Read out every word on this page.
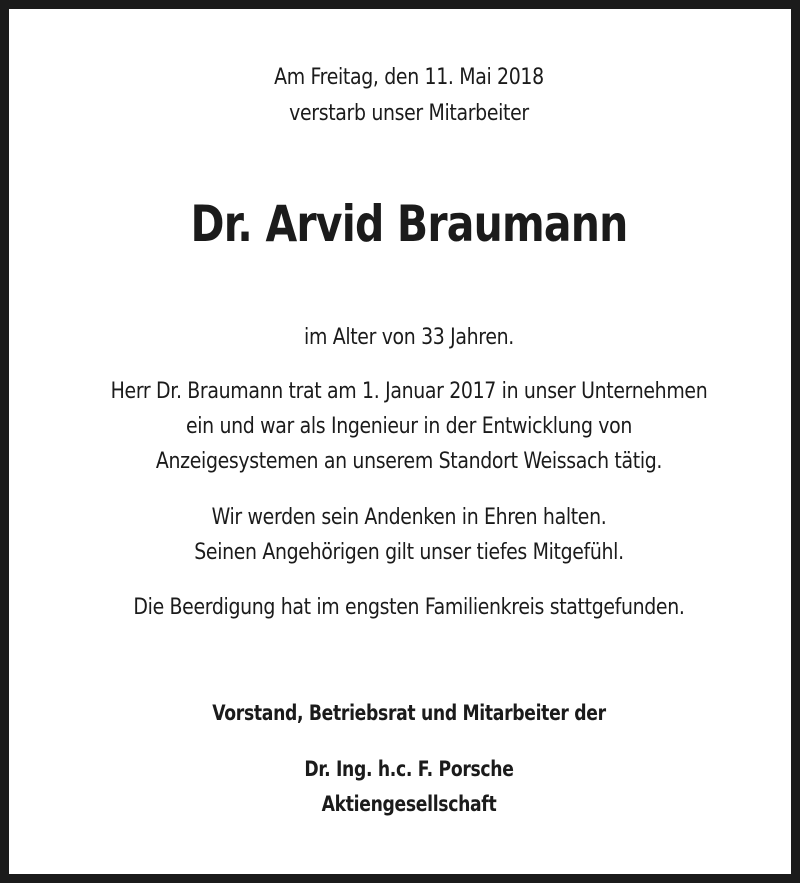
Am Freitag, den 11. Mai 2018
verstarb unser Mitarbeiter
Dr. Arvid Braumann
im Alter von 33 Jahren.
Herr Dr. Braumann trat am 1. Januar 2017 in unser Unternehmen
ein und war als Ingenieur in der Entwicklung von
Anzeigesystemen an unserem Standort Weissach tätig.
Wir werden sein Andenken in Ehren halten.
Seinen Angehörigen gilt unser tiefes Mitgefühl.
Die Beerdigung hat im engsten Familienkreis stattgefunden.
Vorstand, Betriebsrat und Mitarbeiter der
Dr. Ing. h.c. F. Porsche
Aktiengesellschaft
